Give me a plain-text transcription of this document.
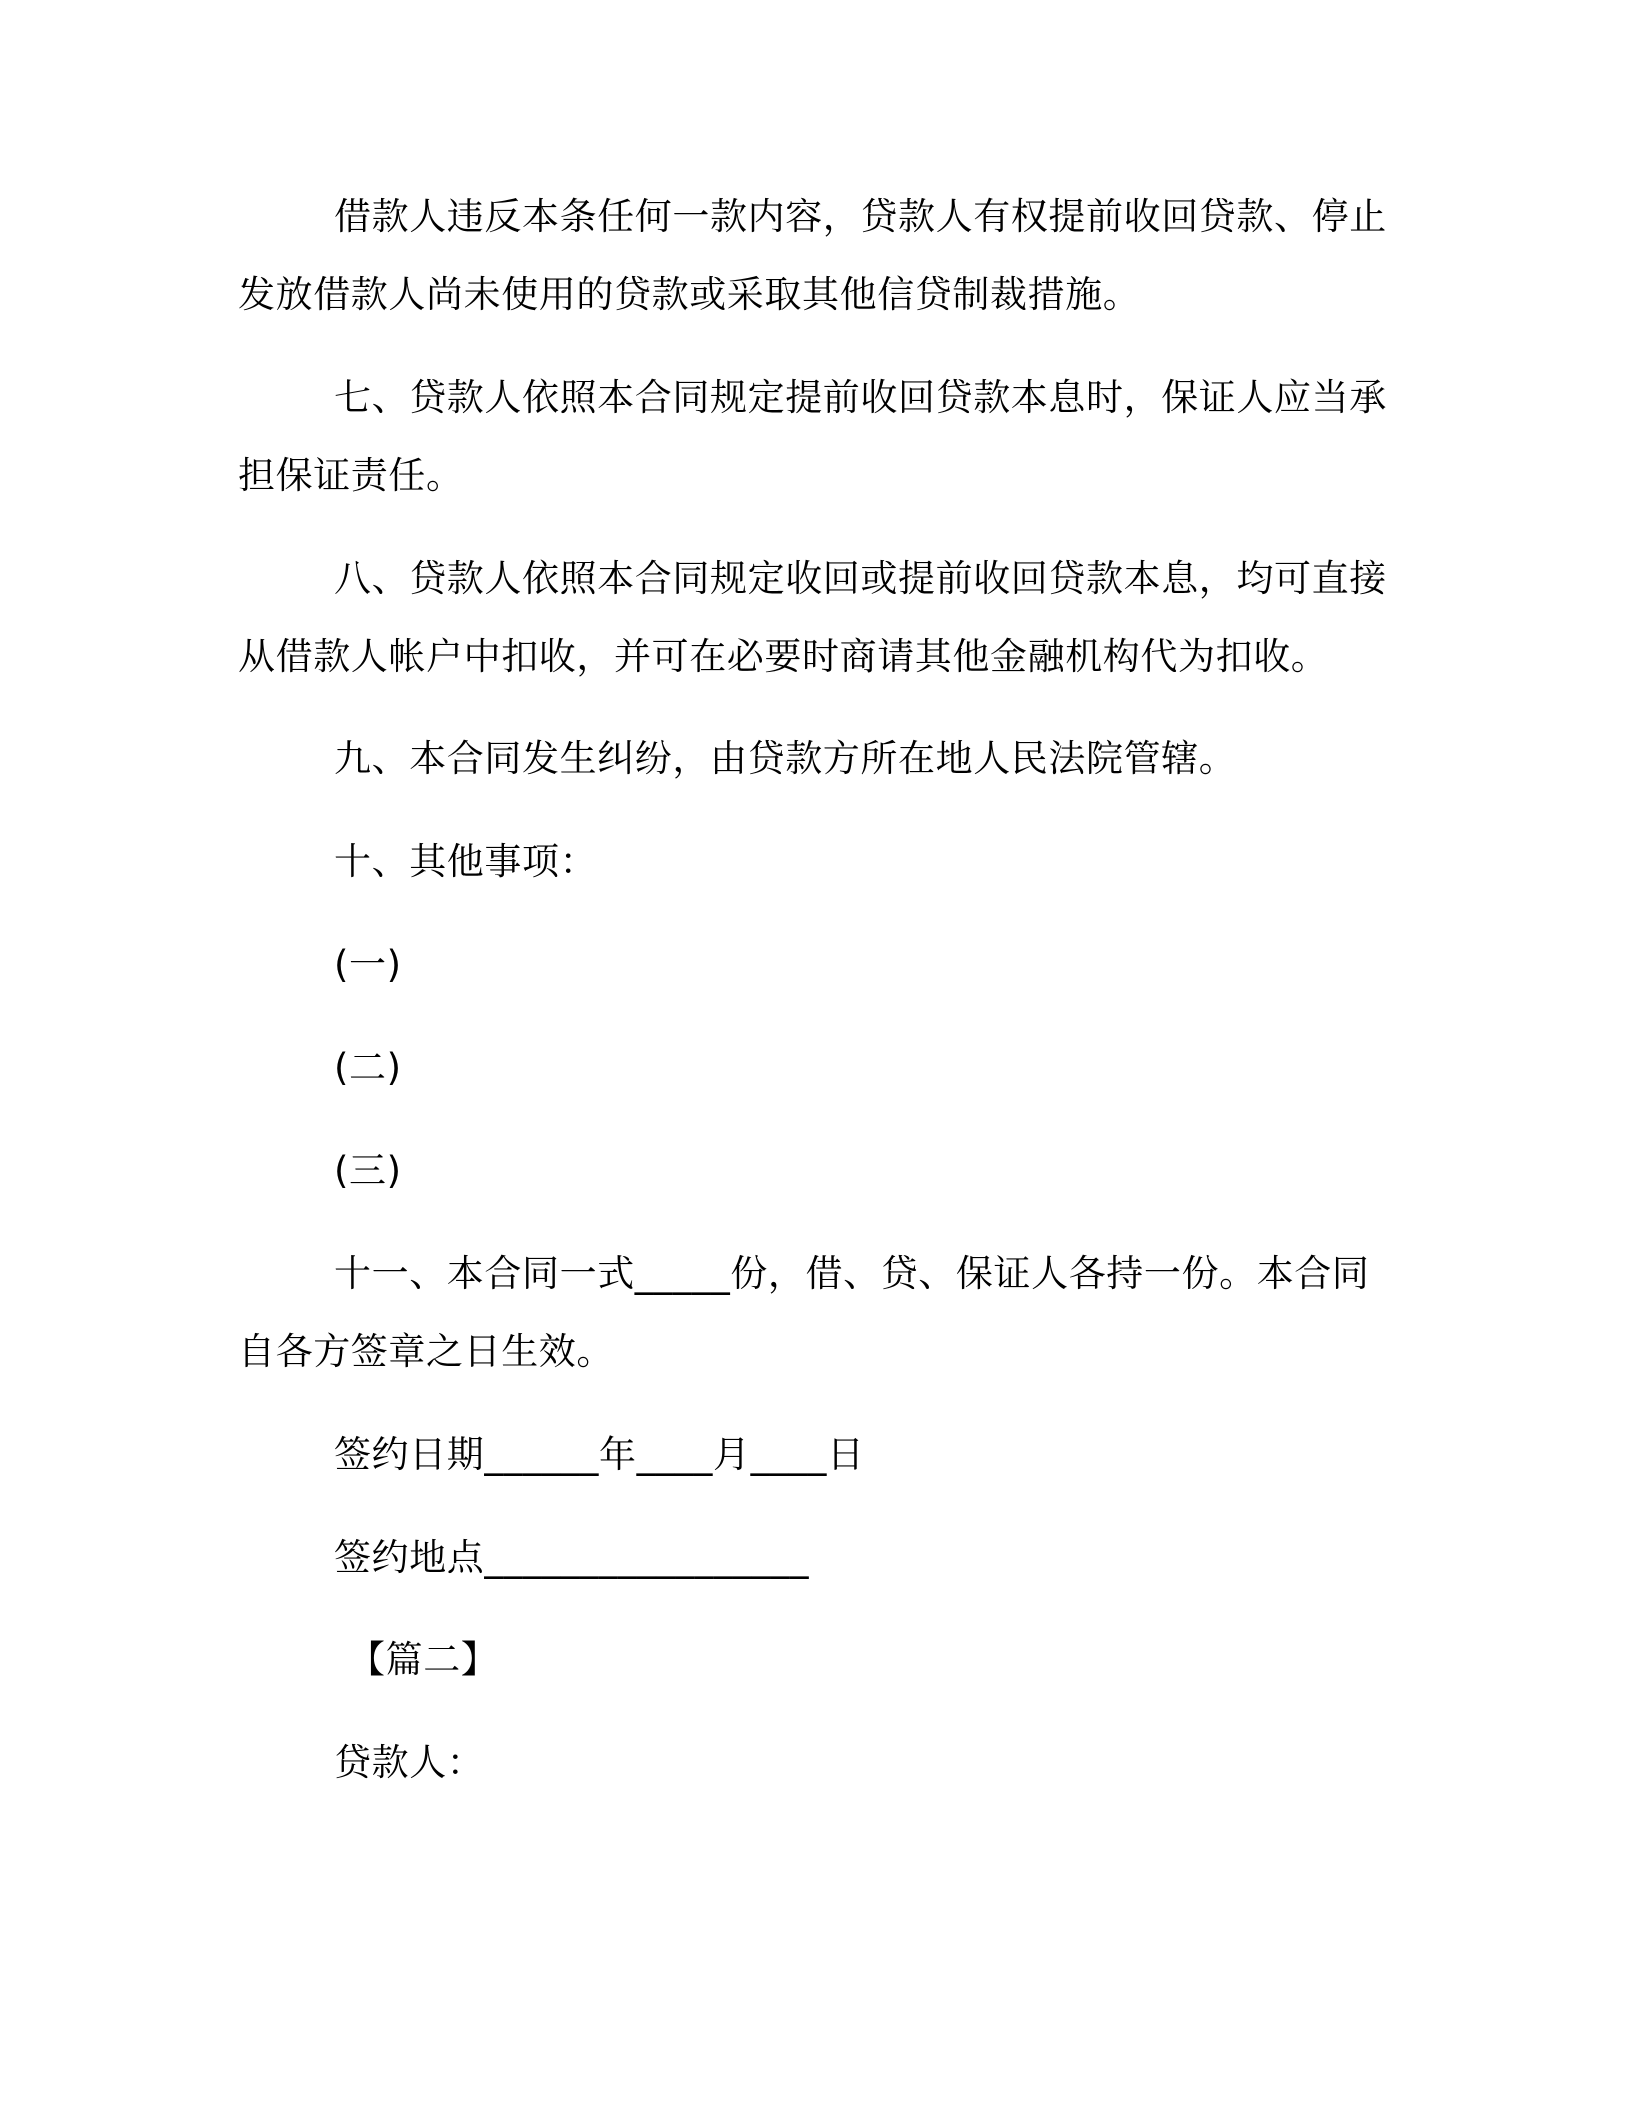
借款人违反本条任何一款内容，贷款人有权提前收回贷款、停止
发放借款人尚未使用的贷款或采取其他信贷制裁措施。
七、贷款人依照本合同规定提前收回贷款本息时，保证人应当承
担保证责任。
八、贷款人依照本合同规定收回或提前收回贷款本息，均可直接
从借款人帐户中扣收，并可在必要时商请其他金融机构代为扣收。
九、本合同发生纠纷，由贷款方所在地人民法院管辖。
十、其他事项：
(一)
(二)
(三)
十一、本合同一式_____份，借、贷、保证人各持一份。本合同
自各方签章之日生效。
签约日期______年____月____日
签约地点_________________
【篇二】
贷款人：
